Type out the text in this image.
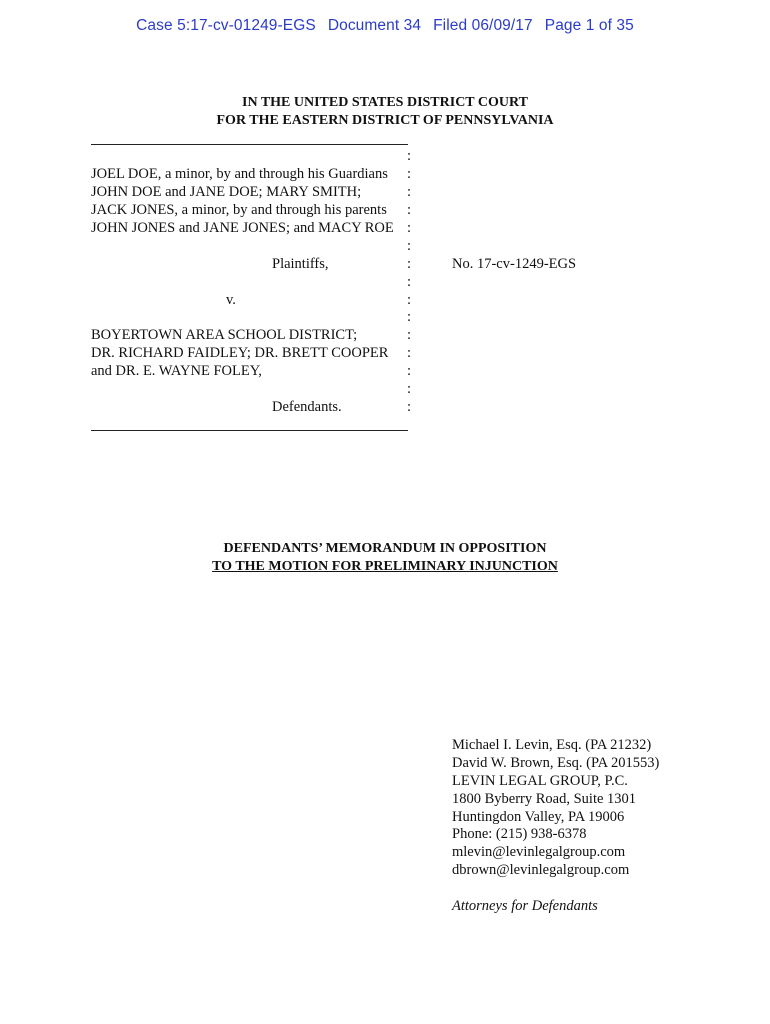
Case 5:17-cv-01249-EGS Document 34 Filed 06/09/17 Page 1 of 35
IN THE UNITED STATES DISTRICT COURT
FOR THE EASTERN DISTRICT OF PENNSYLVANIA
JOEL DOE, a minor, by and through his Guardians
JOHN DOE and JANE DOE; MARY SMITH;
JACK JONES, a minor, by and through his parents
JOHN JONES and JANE JONES; and MACY ROE
Plaintiffs,
v.
BOYERTOWN AREA SCHOOL DISTRICT;
DR. RICHARD FAIDLEY; DR. BRETT COOPER
and DR. E. WAYNE FOLEY,
Defendants.
No. 17-cv-1249-EGS
:
:
:
:
:
:
:
:
:
:
:
:
:
:
:
DEFENDANTS’ MEMORANDUM IN OPPOSITION
TO THE MOTION FOR PRELIMINARY INJUNCTION
Michael I. Levin, Esq. (PA 21232)
David W. Brown, Esq. (PA 201553)
LEVIN LEGAL GROUP, P.C.
1800 Byberry Road, Suite 1301
Huntingdon Valley, PA 19006
Phone: (215) 938-6378
mlevin@levinlegalgroup.com
dbrown@levinlegalgroup.com
Attorneys for Defendants
